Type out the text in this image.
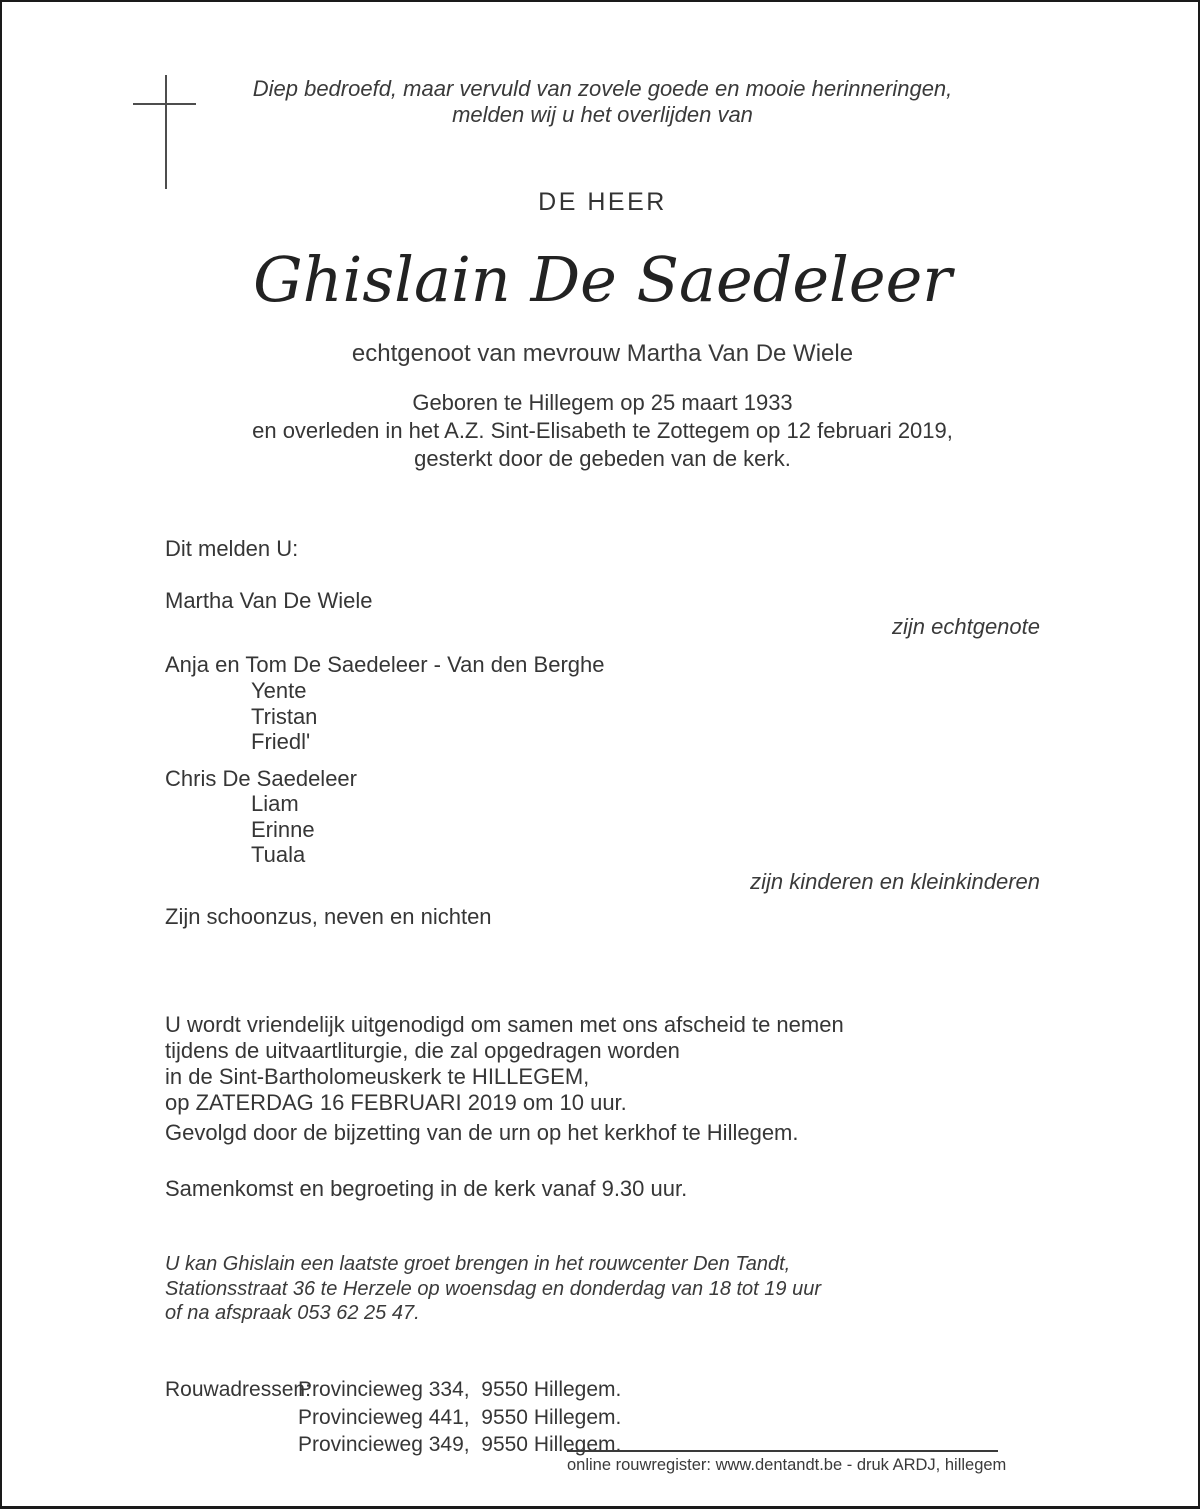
Diep bedroefd, maar vervuld van zovele goede en mooie herinneringen,
melden wij u het overlijden van
DE HEER
Ghislain De Saedeleer
echtgenoot van mevrouw Martha Van De Wiele
Geboren te Hillegem op 25 maart 1933
en overleden in het A.Z. Sint-Elisabeth te Zottegem op 12 februari 2019,
gesterkt door de gebeden van de kerk.
Dit melden U:
Martha Van De Wiele
zijn echtgenote
Anja en Tom De Saedeleer - Van den Berghe
Yente
Tristan
Friedl'
Chris De Saedeleer
Liam
Erinne
Tuala
zijn kinderen en kleinkinderen
Zijn schoonzus, neven en nichten
U wordt vriendelijk uitgenodigd om samen met ons afscheid te nemen
tijdens de uitvaartliturgie, die zal opgedragen worden
in de Sint-Bartholomeuskerk te HILLEGEM,
op ZATERDAG 16 FEBRUARI 2019 om 10 uur.
Gevolgd door de bijzetting van de urn op het kerkhof te Hillegem.
Samenkomst en begroeting in de kerk vanaf 9.30 uur.
U kan Ghislain een laatste groet brengen in het rouwcenter Den Tandt,
Stationsstraat 36 te Herzele op woensdag en donderdag van 18 tot 19 uur
of na afspraak 053 62 25 47.
Rouwadressen:
Provincieweg 334,  9550 Hillegem.
Provincieweg 441,  9550 Hillegem.
Provincieweg 349,  9550 Hillegem.
online rouwregister: www.dentandt.be - druk ARDJ, hillegem
